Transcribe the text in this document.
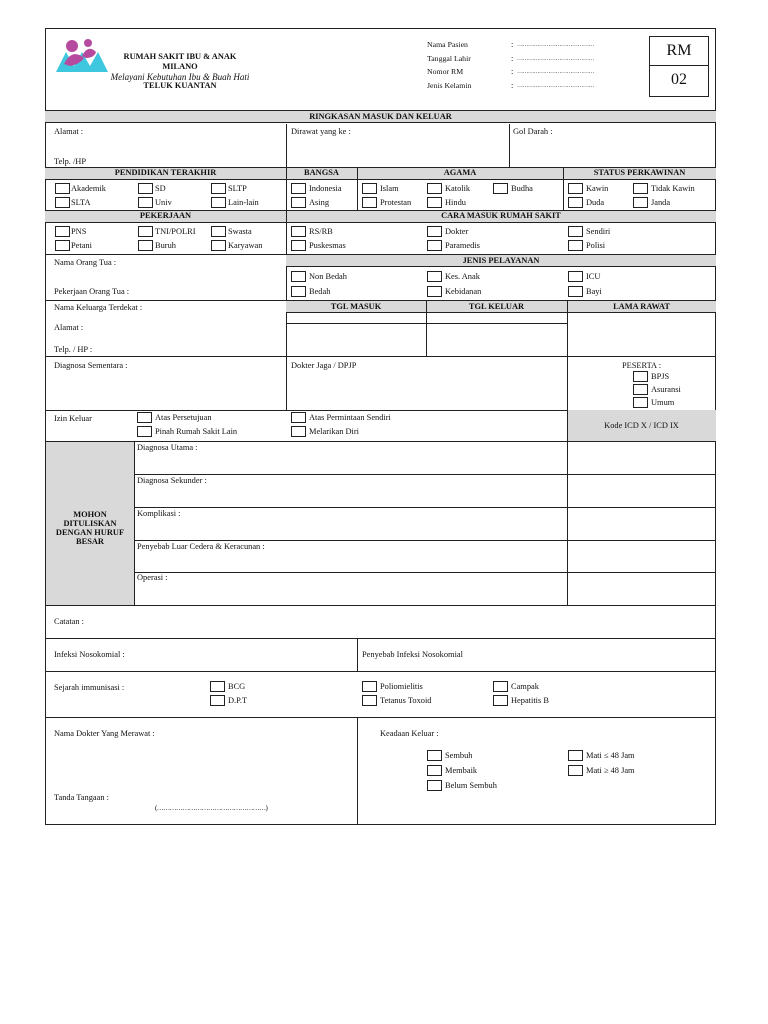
RUMAH SAKIT IBU & ANAK
MILANO
Melayani Kebutuhan Ibu & Buah Hati
TELUK KUANTAN
Nama Pasien	: ……………………………………
Tanggal Lahir	: ……………………………………
Nomor RM	: ……………………………………
Jenis Kelamin	: ……………………………………
RM
02
RINGKASAN MASUK DAN KELUAR
Alamat :
Telp. /HP
Dirawat yang ke :	Gol Darah :
PENDIDIKAN TERAKHIR	BANGSA	AGAMA	STATUS PERKAWINAN
Akademik	SD	SLTP
SLTA	Univ	Lain-lain
Indonesia
Asing
Islam	Katolik	Budha
Protestan	Hindu
Kawin	Tidak Kawin
Duda	Janda
PEKERJAAN	CARA MASUK RUMAH SAKIT
PNS	TNI/POLRI	Swasta
Petani	Buruh	Karyawan
RS/RB	Dokter	Sendiri
Puskesmas	Paramedis	Polisi
Nama Orang Tua :
Pekerjaan Orang Tua :
JENIS PELAYANAN
Non Bedah	Kes. Anak	ICU
Bedah	Kebidanan	Bayi
Nama Keluarga Terdekat :
Alamat :
Telp. / HP :
TGL MASUK	TGL KELUAR	LAMA RAWAT
Diagnosa Sementara :	Dokter Jaga / DPJP	PESERTA :
BPJS
Asuransi
Umum
Izin Keluar	Atas Persetujuan	Atas Permintaan Sendiri
Pinah Rumah Sakit Lain	Melarikan Diri
Kode ICD X / ICD IX
MOHON DITULISKAN DENGAN HURUF BESAR
Diagnosa Utama :
Diagnosa Sekunder :
Komplikasi :
Penyebab Luar Cedera & Keracunan :
Operasi :
Catatan :
Infeksi Nosokomial :	Penyebab Infeksi Nosokomial
Sejarah immunisasi :	BCG	Poliomielitis	Campak
D.P.T	Tetanus Toxoid	Hepatitis B
Nama Dokter Yang Merawat :
Tanda Tangaan :
(……………………………………………)
Keadaan Keluar :
Sembuh	Mati ≤ 48 Jam
Membaik	Mati ≥ 48 Jam
Belum Sembuh
